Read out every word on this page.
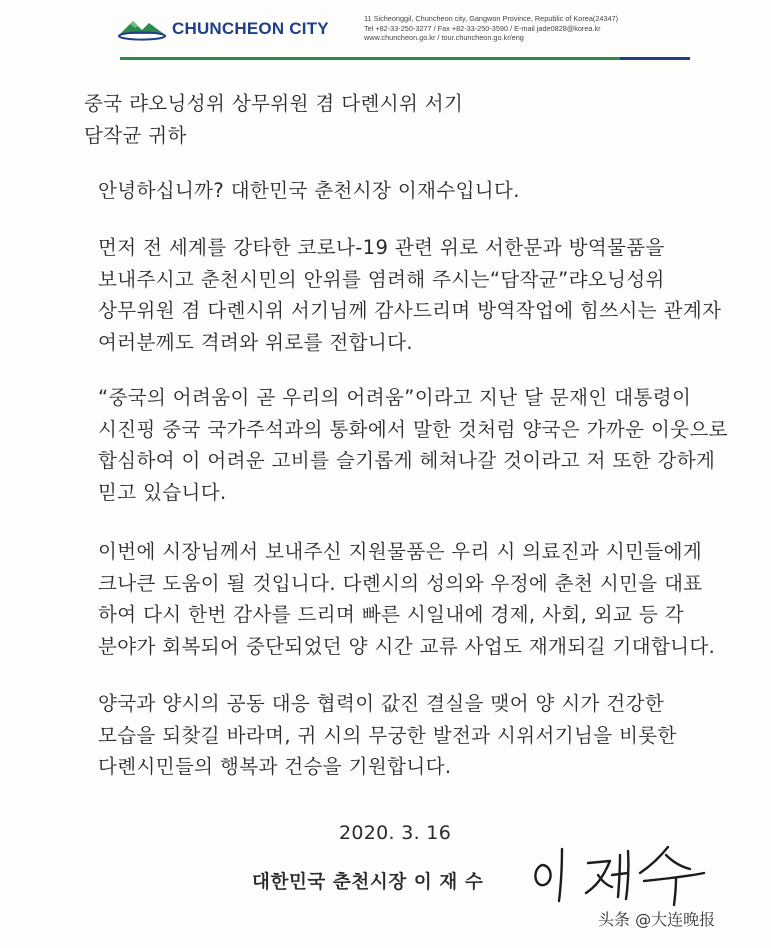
CHUNCHEON CITY
11 Sicheonggil, Chuncheon city, Gangwon Province, Republic of Korea(24347)
Tel +82-33-250-3277 / Fax +82-33-250-3590 / E-mail jade0828@korea.kr
www.chuncheon.go.kr / tour.chuncheon.go.kr/eng

중국 랴오닝성위 상무위원 겸 다롄시위 서기
담작균 귀하

안녕하십니까? 대한민국 춘천시장 이재수입니다.

먼저 전 세계를 강타한 코로나-19 관련 위로 서한문과 방역물품을
보내주시고 춘천시민의 안위를 염려해 주시는“담작균”랴오닝성위
상무위원 겸 다롄시위 서기님께 감사드리며 방역작업에 힘쓰시는 관계자
여러분께도 격려와 위로를 전합니다.

“중국의 어려움이 곧 우리의 어려움”이라고 지난 달 문재인 대통령이
시진핑 중국 국가주석과의 통화에서 말한 것처럼 양국은 가까운 이웃으로
합심하여 이 어려운 고비를 슬기롭게 헤쳐나갈 것이라고 저 또한 강하게
믿고 있습니다.

이번에 시장님께서 보내주신 지원물품은 우리 시 의료진과 시민들에게
크나큰 도움이 될 것입니다. 다롄시의 성의와 우정에 춘천 시민을 대표
하여 다시 한번 감사를 드리며 빠른 시일내에 경제, 사회, 외교 등 각
분야가 회복되어 중단되었던 양 시간 교류 사업도 재개되길 기대합니다.

양국과 양시의 공동 대응 협력이 값진 결실을 맺어 양 시가 건강한
모습을 되찾길 바라며, 귀 시의 무궁한 발전과 시위서기님을 비롯한
다롄시민들의 행복과 건승을 기원합니다.

2020. 3. 16
대한민국 춘천시장 이 재 수
头条 @大连晚报
